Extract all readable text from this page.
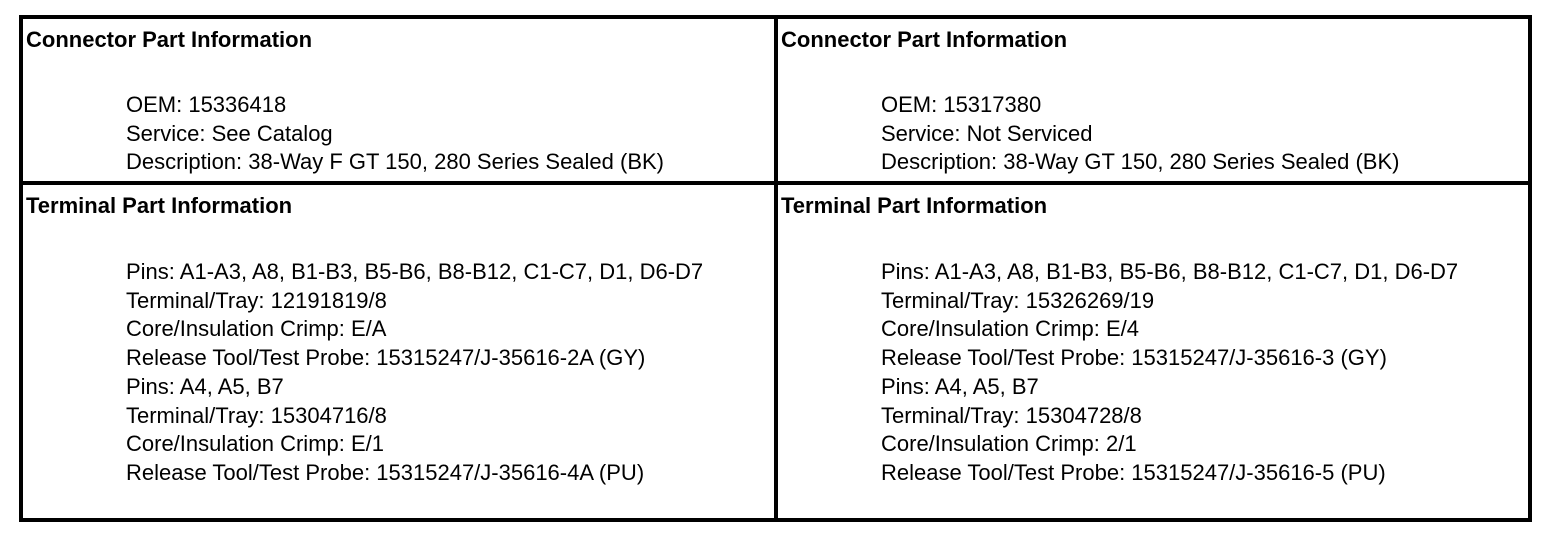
Connector Part Information
OEM: 15336418
Service: See Catalog
Description: 38-Way F GT 150, 280 Series Sealed (BK)
Connector Part Information
OEM: 15317380
Service: Not Serviced
Description: 38-Way GT 150, 280 Series Sealed (BK)
Terminal Part Information
Pins: A1-A3, A8, B1-B3, B5-B6, B8-B12, C1-C7, D1, D6-D7
Terminal/Tray: 12191819/8
Core/Insulation Crimp: E/A
Release Tool/Test Probe: 15315247/J-35616-2A (GY)
Pins: A4, A5, B7
Terminal/Tray: 15304716/8
Core/Insulation Crimp: E/1
Release Tool/Test Probe: 15315247/J-35616-4A (PU)
Terminal Part Information
Pins: A1-A3, A8, B1-B3, B5-B6, B8-B12, C1-C7, D1, D6-D7
Terminal/Tray: 15326269/19
Core/Insulation Crimp: E/4
Release Tool/Test Probe: 15315247/J-35616-3 (GY)
Pins: A4, A5, B7
Terminal/Tray: 15304728/8
Core/Insulation Crimp: 2/1
Release Tool/Test Probe: 15315247/J-35616-5 (PU)
